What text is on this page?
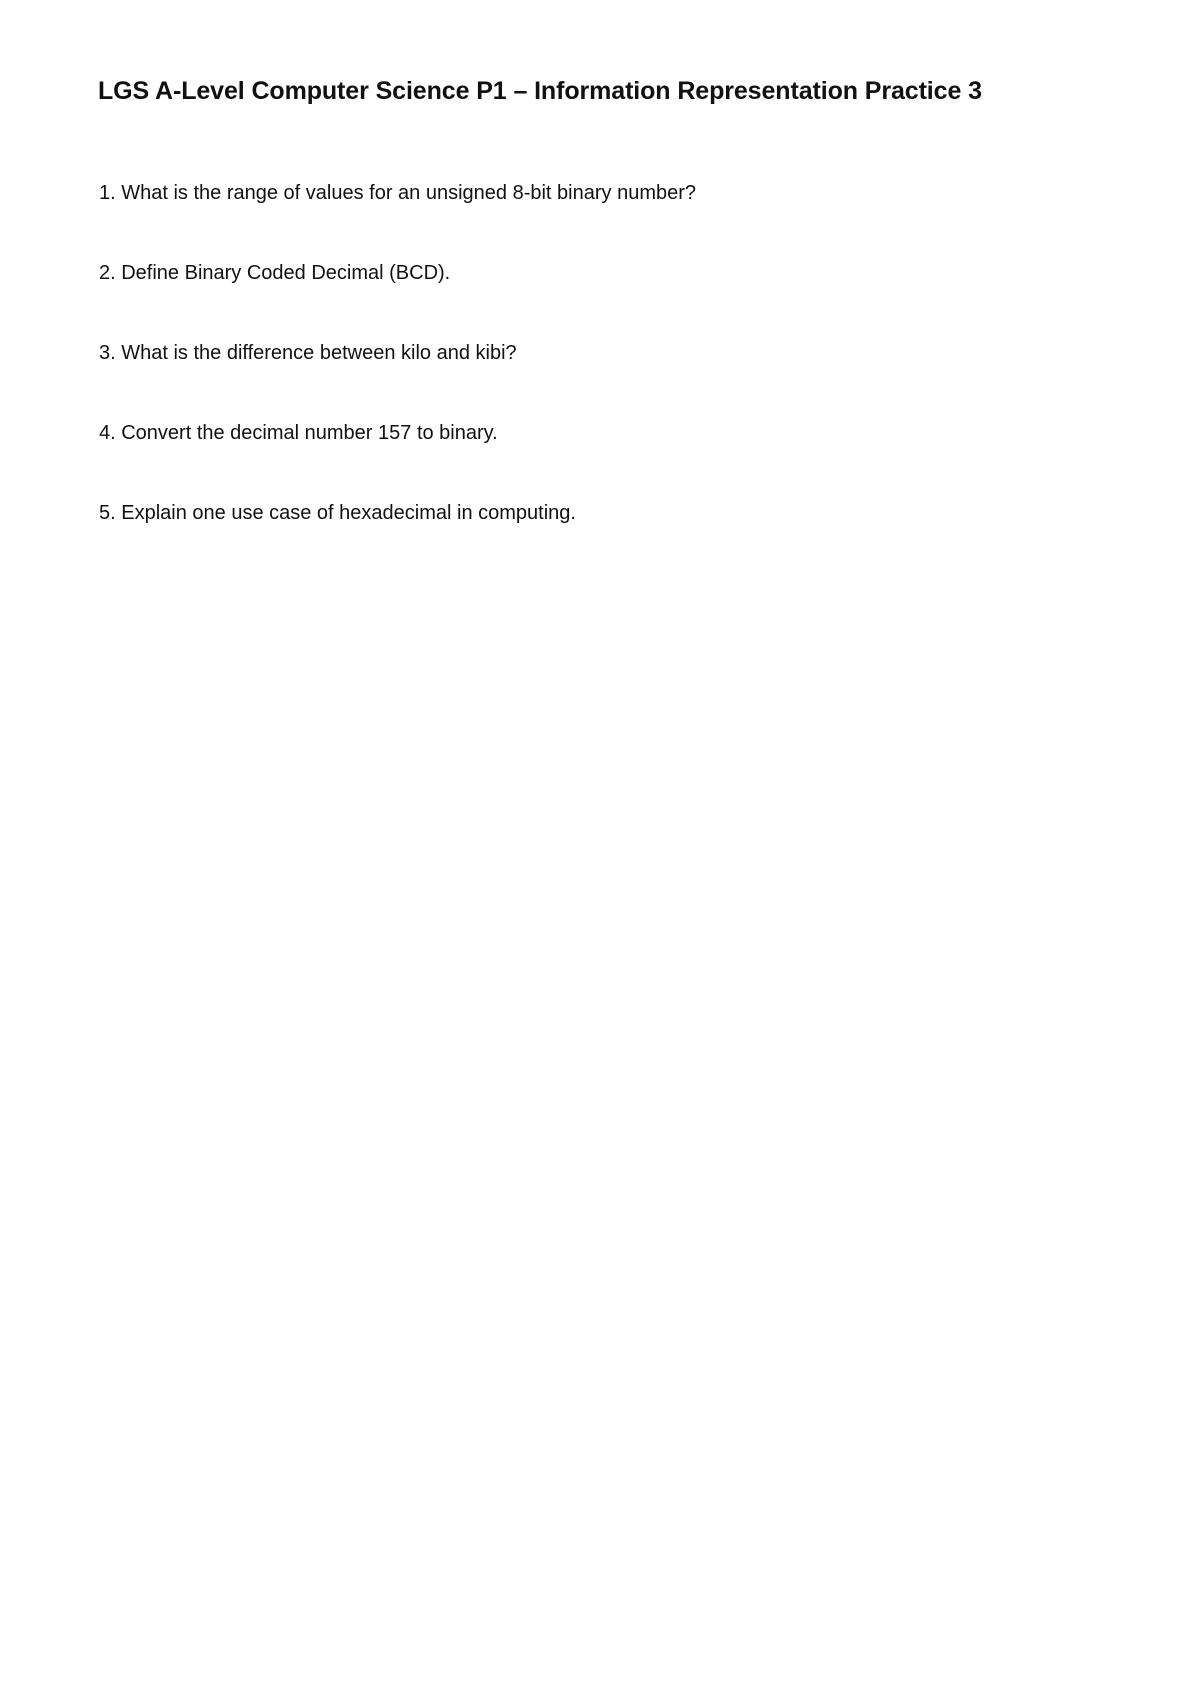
LGS A-Level Computer Science P1 – Information Representation Practice 3
1. What is the range of values for an unsigned 8-bit binary number?
2. Define Binary Coded Decimal (BCD).
3. What is the difference between kilo and kibi?
4. Convert the decimal number 157 to binary.
5. Explain one use case of hexadecimal in computing.
